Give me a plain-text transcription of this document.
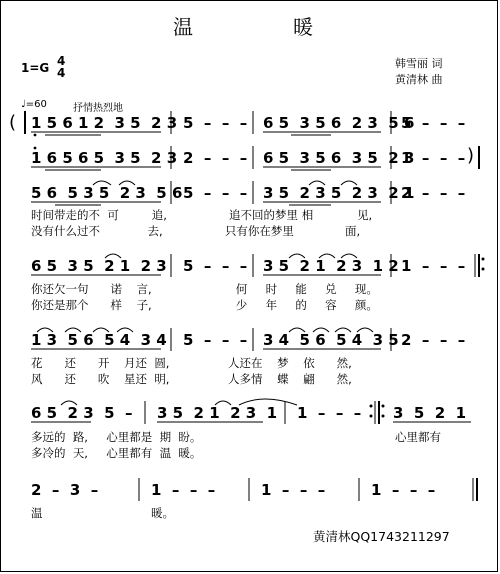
温	暖
1=G 4
4
韩雪丽 词
黄清林 曲
♩=60	抒情热烈地
( 1 5 6 1 2  3 5  2 3 5  –  –  – 6 5  3 5 6  2 3  5 6
5  –  –  –
1 6 5 6 5  3 5  2 3 2  –  –  – 6 5  3 5 6  3 5  2 3
1  –  –  – )
5 6  5 3 5  2 3  5 6 5  –  –  – 3 5  2 3 5  2 3  2 1
2  –  –  –
时间带走的不 可	追,	追不回的梦里 相	见,
没有什么过不	去,	只有你在梦里	面,
6 5  3 5  2 1  2 3 5  –  –  – 3 5  2 1  2 3  1 2 1  –  –  –
你还欠一句 诺 言,	何 时 能 兑 现。
你还是那个 样 子,	少 年 的 容 颜。
1 3  5 6  5 4  3 4 5  –  –  – 3 4  5 6  5 4  3 5 2  –  –  –
花 还 开 月还 圆,	人还在 梦 依 然,
风 还 吹 星还 明,	人多情 蝶 翩 然,
6 5  2 3  5  – 3 5  2 1  2 3  1 1  –  –  – 3  5  2  1
多远的 路, 心里都是 期 盼。	心里都有
多冷的 天, 心里都有 温 暖。
2  –  3  –	1  –  –  –	1  –  –  –	1  –  –  –
温	暖。
黄清林QQ1743211297
